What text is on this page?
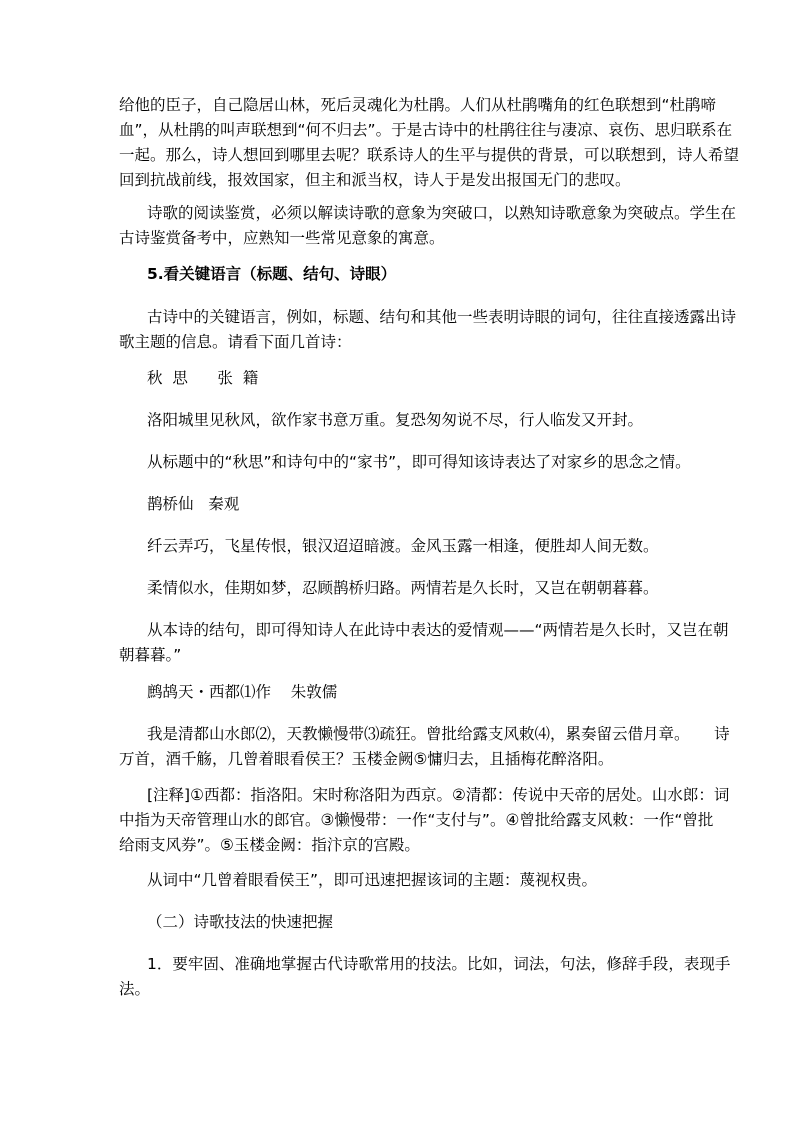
给他的臣子，自己隐居山林，死后灵魂化为杜鹃。人们从杜鹃嘴角的红色联想到“杜鹃啼
血”，从杜鹃的叫声联想到“何不归去”。于是古诗中的杜鹃往往与凄凉、哀伤、思归联系在
一起。那么，诗人想回到哪里去呢？联系诗人的生平与提供的背景，可以联想到，诗人希望
回到抗战前线，报效国家，但主和派当权，诗人于是发出报国无门的悲叹。
诗歌的阅读鉴赏，必须以解读诗歌的意象为突破口，以熟知诗歌意象为突破点。学生在
古诗鉴赏备考中，应熟知一些常见意象的寓意。
5.看关键语言（标题、结句、诗眼）
古诗中的关键语言，例如，标题、结句和其他一些表明诗眼的词句，往往直接透露出诗
歌主题的信息。请看下面几首诗：
秋  思      张  籍
洛阳城里见秋风，欲作家书意万重。复恐匆匆说不尽，行人临发又开封。
从标题中的“秋思”和诗句中的“家书”，即可得知该诗表达了对家乡的思念之情。
鹊桥仙   秦观
纤云弄巧，飞星传恨，银汉迢迢暗渡。金风玉露一相逢，便胜却人间无数。
柔情似水，佳期如梦，忍顾鹊桥归路。两情若是久长时，又岂在朝朝暮暮。
从本诗的结句，即可得知诗人在此诗中表达的爱情观——“两情若是久长时，又岂在朝
朝暮暮。”
鹧鸪天・西都⑴作    朱敦儒
我是清都山水郎⑵，天教懒慢带⑶疏狂。曾批给露支风敕⑷，累奏留云借月章。     诗
万首，酒千觞，几曾着眼看侯王？玉楼金阙⑤慵归去，且插梅花醉洛阳。
[注释]①西都：指洛阳。宋时称洛阳为西京。②清都：传说中天帝的居处。山水郎：词
中指为天帝管理山水的郎官。③懒慢带：一作“支付与”。④曾批给露支风敕：一作“曾批
给雨支风券”。⑤玉楼金阙：指汴京的宫殿。
从词中“几曾着眼看侯王”，即可迅速把握该词的主题：蔑视权贵。
（二）诗歌技法的快速把握
1．要牢固、准确地掌握古代诗歌常用的技法。比如，词法，句法，修辞手段，表现手
法。
